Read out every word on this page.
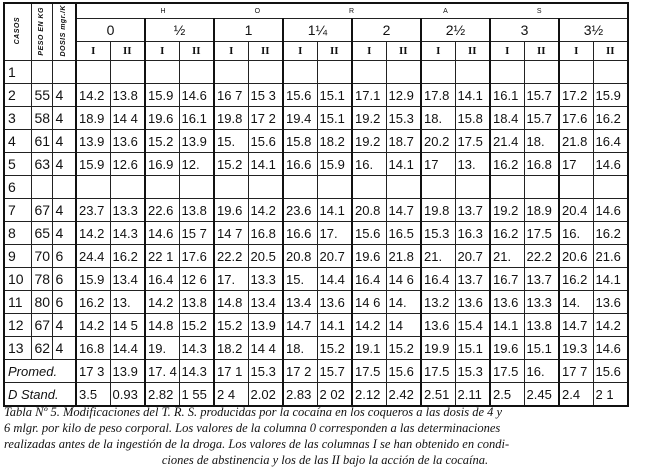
CASOS	PESO EN KG	DOSIS mgr./K	H O R A S															

			0		½		1		1¼		2		2½		3		3½	
			I	II	I	II	I	II	I	II	I	II	I	II	I	II	I	II
1																		
2	55	4	14.2	13.8	15.9	14.6	16 7	15 3	15.6	15.1	17.1	12.9	17.8	14.1	16.1	15.7	17.2	15.9
3	58	4	18.9	14 4	19.6	16.1	19.8	17 2	19.4	15.1	19.2	15.3	18.	15.8	18.4	15.7	17.6	16.2
4	61	4	13.9	13.6	15.2	13.9	15.	15.6	15.8	18.2	19.2	18.7	20.2	17.5	21.4	18.	21.8	16.4
5	63	4	15.9	12.6	16.9	12.	15.2	14.1	16.6	15.9	16.	14.1	17	13.	16.2	16.8	17	14.6
6																		
7	67	4	23.7	13.3	22.6	13.8	19.6	14.2	23.6	14.1	20.8	14.7	19.8	13.7	19.2	18.9	20.4	14.6
8	65	4	14.2	14.3	14.6	15 7	14 7	16.8	16.6	17.	15.6	16.5	15.3	16.3	16.2	17.5	16.	16.2
9	70	6	24.4	16.2	22 1	17.6	22.2	20.5	20.8	20.7	19.6	21.8	21.	20.7	21.	22.2	20.6	21.6
10	78	6	15.9	13.4	16.4	12 6	17.	13.3	15.	14.4	16.4	14 6	16.4	13.7	16.7	13.7	16.2	14.1
11	80	6	16.2	13.	14.2	13.8	14.8	13.4	13.4	13.6	14 6	14.	13.2	13.6	13.6	13.3	14.	13.6
12	67	4	14.2	14 5	14.8	15.2	15.2	13.9	14.7	14.1	14.2	14	13.6	15.4	14.1	13.8	14.7	14.2
13	62	4	16.8	14.4	19.	14.3	18.2	14 4	18.	15.2	19.1	15.2	19.9	15.1	19.6	15.1	19.3	14.6
Promed.			17 3	13.9	17. 4	14.3	17 1	15.3	17 2	15.7	17.5	15.6	17.5	15.3	17.5	16.	17 7	15.6
D Stand.			3.5	0.93	2.82	1 55	2 4	2.02	2.83	2 02	2.12	2.42	2.51	2.11	2.5	2.45	2.4	2 1
Tabla Nº 5. Modificaciones del T. R. S. producidas por la cocaína en los coqueros a las dosis de 4 y
6 mlgr. por kilo de peso corporal. Los valores de la columna 0 corresponden a las determinaciones
realizadas antes de la ingestión de la droga. Los valores de las columnas I se han obtenido en condi-
ciones de abstinencia y los de las II bajo la acción de la cocaína.
